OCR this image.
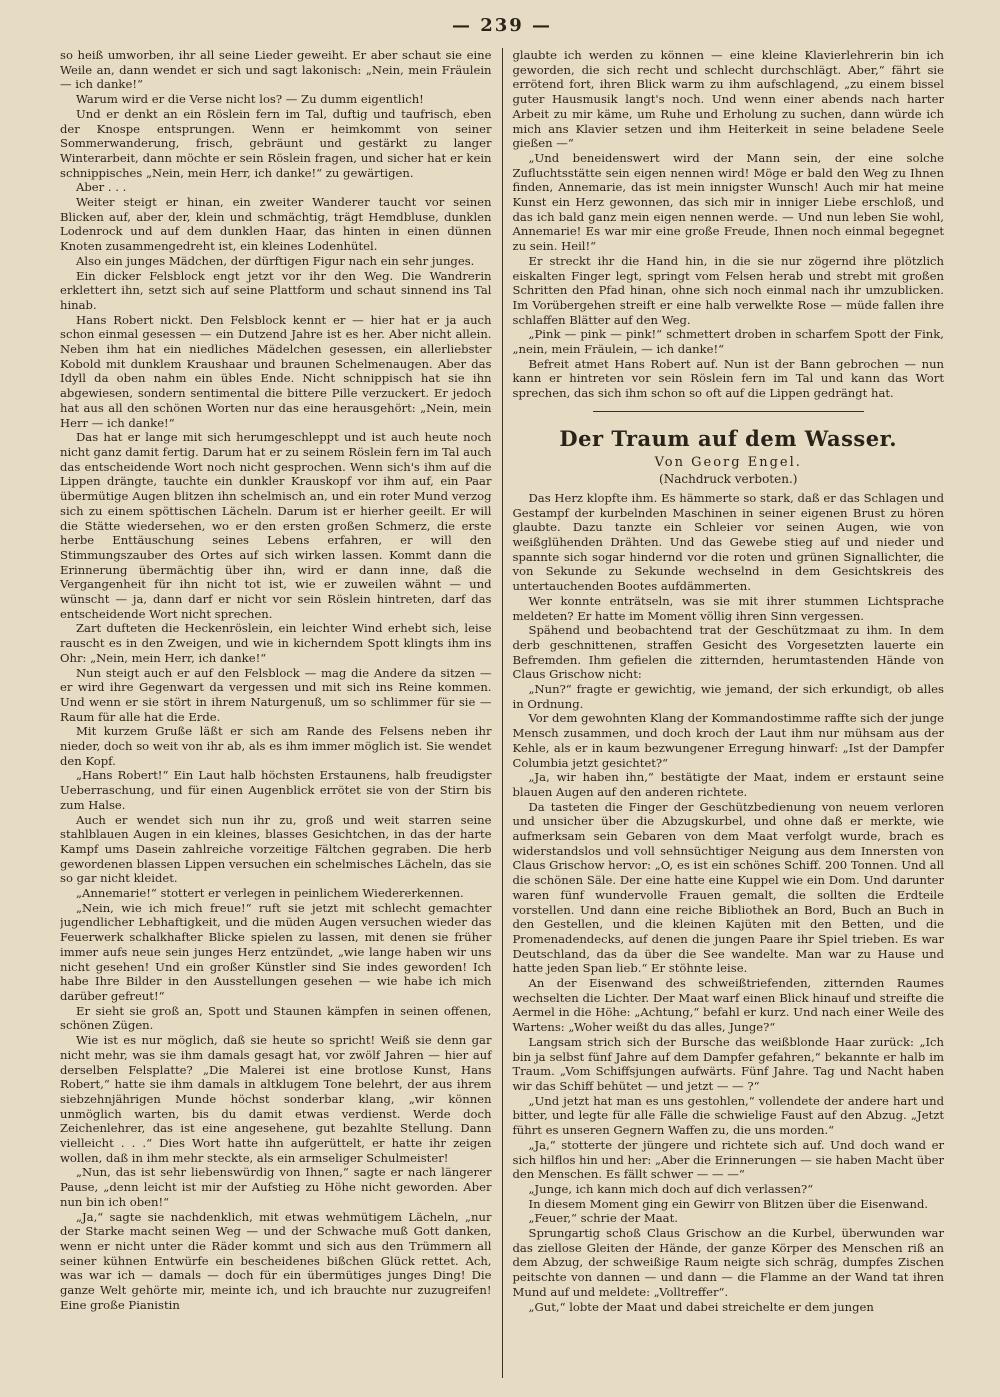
— 239 —

so heiß umworben, ihr all seine Lieder geweiht. Er aber schaut sie eine Weile an, dann wendet er sich und sagt lakonisch: „Nein, mein Fräulein — ich danke!“

Warum wird er die Verse nicht los? — Zu dumm eigentlich!

Und er denkt an ein Röslein fern im Tal, duftig und taufrisch, eben der Knospe entsprungen. Wenn er heimkommt von seiner Sommerwanderung, frisch, gebräunt und gestärkt zu langer Winterarbeit, dann möchte er sein Röslein fragen, und sicher hat er kein schnippisches „Nein, mein Herr, ich danke!“ zu gewärtigen.

Aber . . .

Weiter steigt er hinan, ein zweiter Wanderer taucht vor seinen Blicken auf, aber der, klein und schmächtig, trägt Hemdbluse, dunklen Lodenrock und auf dem dunklen Haar, das hinten in einen dünnen Knoten zusammengedreht ist, ein kleines Lodenhütel.

Also ein junges Mädchen, der dürftigen Figur nach ein sehr junges.

Ein dicker Felsblock engt jetzt vor ihr den Weg. Die Wandrerin erklettert ihn, setzt sich auf seine Plattform und schaut sinnend ins Tal hinab.

Hans Robert nickt. Den Felsblock kennt er — hier hat er ja auch schon einmal gesessen — ein Dutzend Jahre ist es her. Aber nicht allein. Neben ihm hat ein niedliches Mädelchen gesessen, ein allerliebster Kobold mit dunklem Kraushaar und braunen Schelmenaugen. Aber das Idyll da oben nahm ein übles Ende. Nicht schnippisch hat sie ihn abgewiesen, sondern sentimental die bittere Pille verzuckert. Er jedoch hat aus all den schönen Worten nur das eine herausgehört: „Nein, mein Herr — ich danke!“

Das hat er lange mit sich herumgeschleppt und ist auch heute noch nicht ganz damit fertig. Darum hat er zu seinem Röslein fern im Tal auch das entscheidende Wort noch nicht gesprochen. Wenn sich's ihm auf die Lippen drängte, tauchte ein dunkler Krauskopf vor ihm auf, ein Paar übermütige Augen blitzen ihn schelmisch an, und ein roter Mund verzog sich zu einem spöttischen Lächeln. Darum ist er hierher geeilt. Er will die Stätte wiedersehen, wo er den ersten großen Schmerz, die erste herbe Enttäuschung seines Lebens erfahren, er will den Stimmungszauber des Ortes auf sich wirken lassen. Kommt dann die Erinnerung übermächtig über ihn, wird er dann inne, daß die Vergangenheit für ihn nicht tot ist, wie er zuweilen wähnt — und wünscht — ja, dann darf er nicht vor sein Röslein hintreten, darf das entscheidende Wort nicht sprechen.

Zart dufteten die Heckenröslein, ein leichter Wind erhebt sich, leise rauscht es in den Zweigen, und wie in kicherndem Spott klingts ihm ins Ohr: „Nein, mein Herr, ich danke!“

Nun steigt auch er auf den Felsblock — mag die Andere da sitzen — er wird ihre Gegenwart da vergessen und mit sich ins Reine kommen. Und wenn er sie stört in ihrem Naturgenuß, um so schlimmer für sie — Raum für alle hat die Erde.

Mit kurzem Gruße läßt er sich am Rande des Felsens neben ihr nieder, doch so weit von ihr ab, als es ihm immer möglich ist. Sie wendet den Kopf.

„Hans Robert!“ Ein Laut halb höchsten Erstaunens, halb freudigster Ueberraschung, und für einen Augenblick errötet sie von der Stirn bis zum Halse.

Auch er wendet sich nun ihr zu, groß und weit starren seine stahlblauen Augen in ein kleines, blasses Gesichtchen, in das der harte Kampf ums Dasein zahlreiche vorzeitige Fältchen gegraben. Die herb gewordenen blassen Lippen versuchen ein schelmisches Lächeln, das sie so gar nicht kleidet.

„Annemarie!“ stottert er verlegen in peinlichem Wiedererkennen.

„Nein, wie ich mich freue!“ ruft sie jetzt mit schlecht gemachter jugendlicher Lebhaftigkeit, und die müden Augen versuchen wieder das Feuerwerk schalkhafter Blicke spielen zu lassen, mit denen sie früher immer aufs neue sein junges Herz entzündet, „wie lange haben wir uns nicht gesehen! Und ein großer Künstler sind Sie indes geworden! Ich habe Ihre Bilder in den Ausstellungen gesehen — wie habe ich mich darüber gefreut!“

Er sieht sie groß an, Spott und Staunen kämpfen in seinen offenen, schönen Zügen.

Wie ist es nur möglich, daß sie heute so spricht! Weiß sie denn gar nicht mehr, was sie ihm damals gesagt hat, vor zwölf Jahren — hier auf derselben Felsplatte? „Die Malerei ist eine brotlose Kunst, Hans Robert,“ hatte sie ihm damals in altklugem Tone belehrt, der aus ihrem siebzehnjährigen Munde höchst sonderbar klang, „wir können unmöglich warten, bis du damit etwas verdienst. Werde doch Zeichenlehrer, das ist eine angesehene, gut bezahlte Stellung. Dann vielleicht . . .“ Dies Wort hatte ihn aufgerüttelt, er hatte ihr zeigen wollen, daß in ihm mehr steckte, als ein armseliger Schulmeister!

„Nun, das ist sehr liebenswürdig von Ihnen,“ sagte er nach längerer Pause, „denn leicht ist mir der Aufstieg zu Höhe nicht geworden. Aber nun bin ich oben!“

„Ja,“ sagte sie nachdenklich, mit etwas wehmütigem Lächeln, „nur der Starke macht seinen Weg — und der Schwache muß Gott danken, wenn er nicht unter die Räder kommt und sich aus den Trümmern all seiner kühnen Entwürfe ein bescheidenes bißchen Glück rettet. Ach, was war ich — damals — doch für ein übermütiges junges Ding! Die ganze Welt gehörte mir, meinte ich, und ich brauchte nur zuzugreifen! Eine große Pianistin

glaubte ich werden zu können — eine kleine Klavierlehrerin bin ich geworden, die sich recht und schlecht durchschlägt. Aber,“ fährt sie errötend fort, ihren Blick warm zu ihm aufschlagend, „zu einem bissel guter Hausmusik langt's noch. Und wenn einer abends nach harter Arbeit zu mir käme, um Ruhe und Erholung zu suchen, dann würde ich mich ans Klavier setzen und ihm Heiterkeit in seine beladene Seele gießen —“

„Und beneidenswert wird der Mann sein, der eine solche Zufluchtsstätte sein eigen nennen wird! Möge er bald den Weg zu Ihnen finden, Annemarie, das ist mein innigster Wunsch! Auch mir hat meine Kunst ein Herz gewonnen, das sich mir in inniger Liebe erschloß, und das ich bald ganz mein eigen nennen werde. — Und nun leben Sie wohl, Annemarie! Es war mir eine große Freude, Ihnen noch einmal begegnet zu sein. Heil!“

Er streckt ihr die Hand hin, in die sie nur zögernd ihre plötzlich eiskalten Finger legt, springt vom Felsen herab und strebt mit großen Schritten den Pfad hinan, ohne sich noch einmal nach ihr umzublicken. Im Vorübergehen streift er eine halb verwelkte Rose — müde fallen ihre schlaffen Blätter auf den Weg.

„Pink — pink — pink!“ schmettert droben in scharfem Spott der Fink, „nein, mein Fräulein, — ich danke!“

Befreit atmet Hans Robert auf. Nun ist der Bann gebrochen — nun kann er hintreten vor sein Röslein fern im Tal und kann das Wort sprechen, das sich ihm schon so oft auf die Lippen gedrängt hat.

Der Traum auf dem Wasser.
Von Georg Engel.
(Nachdruck verboten.)

Das Herz klopfte ihm. Es hämmerte so stark, daß er das Schlagen und Gestampf der kurbelnden Maschinen in seiner eigenen Brust zu hören glaubte. Dazu tanzte ein Schleier vor seinen Augen, wie von weißglühenden Drähten. Und das Gewebe stieg auf und nieder und spannte sich sogar hindernd vor die roten und grünen Signallichter, die von Sekunde zu Sekunde wechselnd in dem Gesichtskreis des untertauchenden Bootes aufdämmerten.

Wer konnte enträtseln, was sie mit ihrer stummen Lichtsprache meldeten? Er hatte im Moment völlig ihren Sinn vergessen.

Spähend und beobachtend trat der Geschützmaat zu ihm. In dem derb geschnittenen, straffen Gesicht des Vorgesetzten lauerte ein Befremden. Ihm gefielen die zitternden, herumtastenden Hände von Claus Grischow nicht:

„Nun?“ fragte er gewichtig, wie jemand, der sich erkundigt, ob alles in Ordnung.

Vor dem gewohnten Klang der Kommandostimme raffte sich der junge Mensch zusammen, und doch kroch der Laut ihm nur mühsam aus der Kehle, als er in kaum bezwungener Erregung hinwarf: „Ist der Dampfer Columbia jetzt gesichtet?“

„Ja, wir haben ihn,“ bestätigte der Maat, indem er erstaunt seine blauen Augen auf den anderen richtete.

Da tasteten die Finger der Geschützbedienung von neuem verloren und unsicher über die Abzugskurbel, und ohne daß er merkte, wie aufmerksam sein Gebaren von dem Maat verfolgt wurde, brach es widerstandslos und voll sehnsüchtiger Neigung aus dem Innersten von Claus Grischow hervor: „O, es ist ein schönes Schiff. 200 Tonnen. Und all die schönen Säle. Der eine hatte eine Kuppel wie ein Dom. Und darunter waren fünf wundervolle Frauen gemalt, die sollten die Erdteile vorstellen. Und dann eine reiche Bibliothek an Bord, Buch an Buch in den Gestellen, und die kleinen Kajüten mit den Betten, und die Promenadendecks, auf denen die jungen Paare ihr Spiel trieben. Es war Deutschland, das da über die See wandelte. Man war zu Hause und hatte jeden Span lieb.“ Er stöhnte leise.

An der Eisenwand des schweißtriefenden, zitternden Raumes wechselten die Lichter. Der Maat warf einen Blick hinauf und streifte die Aermel in die Höhe: „Achtung,“ befahl er kurz. Und nach einer Weile des Wartens: „Woher weißt du das alles, Junge?“

Langsam strich sich der Bursche das weißblonde Haar zurück: „Ich bin ja selbst fünf Jahre auf dem Dampfer gefahren,“ bekannte er halb im Traum. „Vom Schiffsjungen aufwärts. Fünf Jahre. Tag und Nacht haben wir das Schiff behütet — und jetzt — — ?“

„Und jetzt hat man es uns gestohlen,“ vollendete der andere hart und bitter, und legte für alle Fälle die schwielige Faust auf den Abzug. „Jetzt führt es unseren Gegnern Waffen zu, die uns morden.“

„Ja,“ stotterte der jüngere und richtete sich auf. Und doch wand er sich hilflos hin und her: „Aber die Erinnerungen — sie haben Macht über den Menschen. Es fällt schwer — — —“

„Junge, ich kann mich doch auf dich verlassen?“

In diesem Moment ging ein Gewirr von Blitzen über die Eisenwand.

„Feuer,“ schrie der Maat.

Sprungartig schoß Claus Grischow an die Kurbel, überwunden war das ziellose Gleiten der Hände, der ganze Körper des Menschen riß an dem Abzug, der schweißige Raum neigte sich schräg, dumpfes Zischen peitschte von dannen — und dann — die Flamme an der Wand tat ihren Mund auf und meldete: „Volltreffer“.

„Gut,“ lobte der Maat und dabei streichelte er dem jungen
